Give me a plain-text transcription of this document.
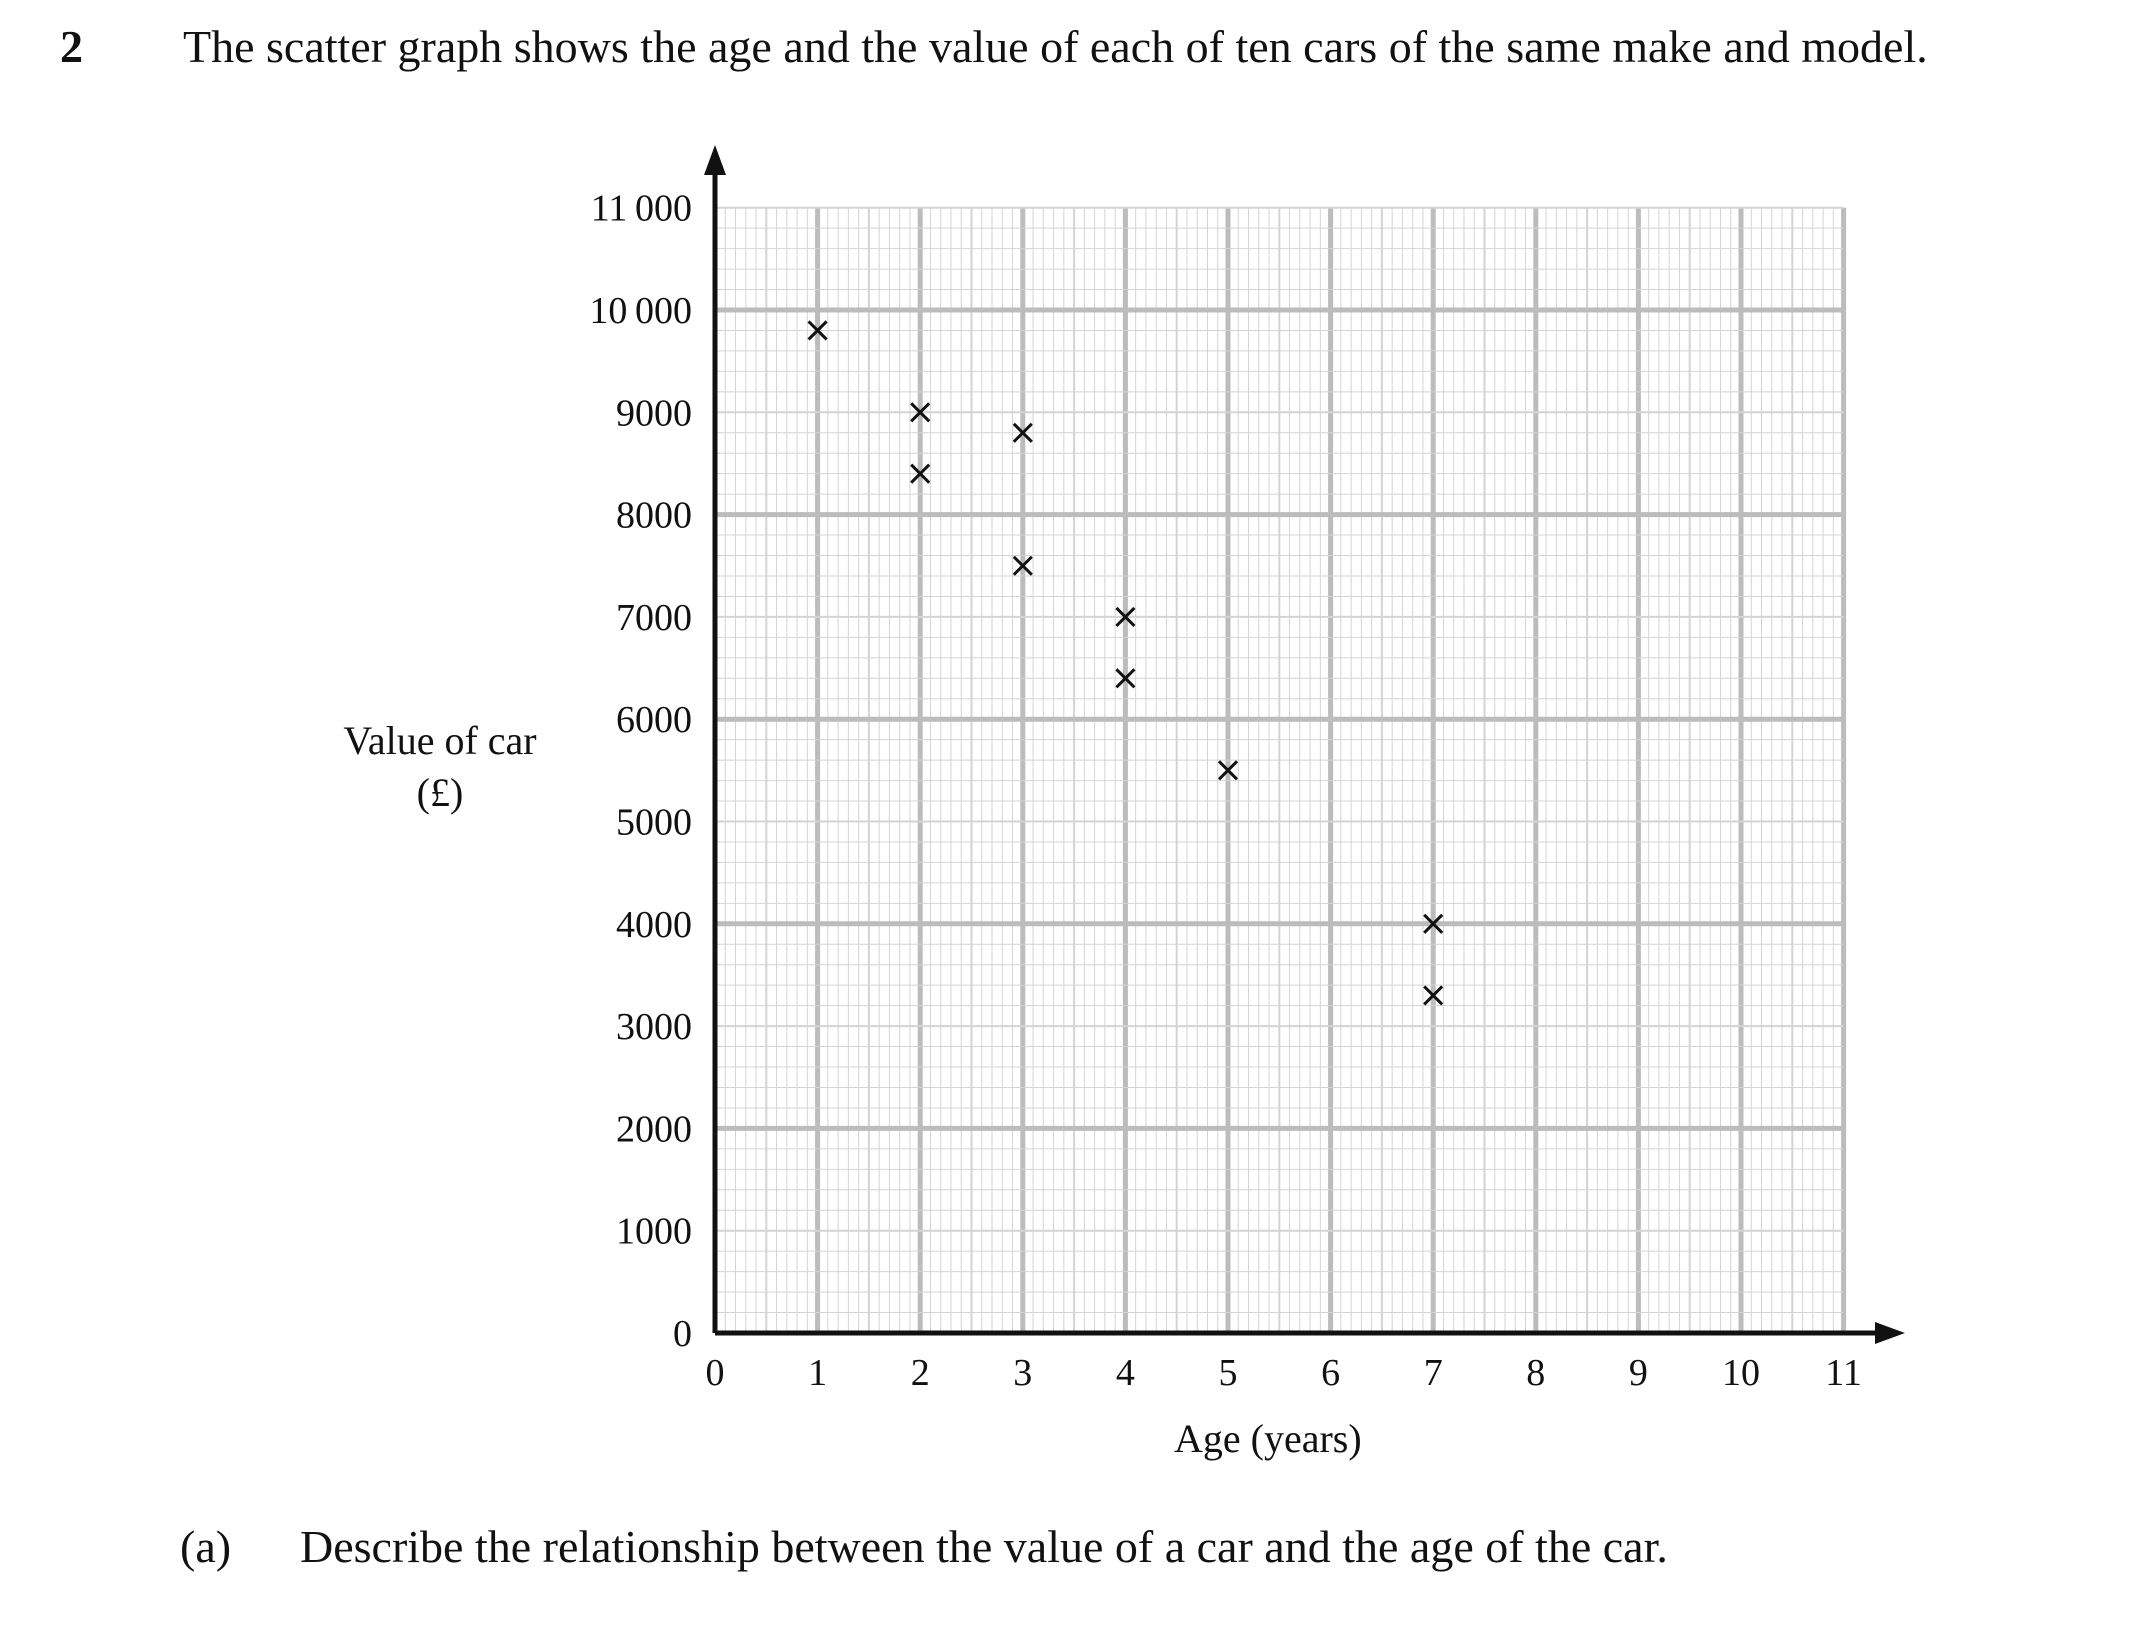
2 The scatter graph shows the age and the value of each of ten cars of the same make and model.
Value of car
(£)
Age (years)
0 1 2 3 4 5 6 7 8 9 10 11
0
1000
2000
3000
4000
5000
6000
7000
8000
9000
10 000
11 000
(a) Describe the relationship between the value of a car and the age of the car.
